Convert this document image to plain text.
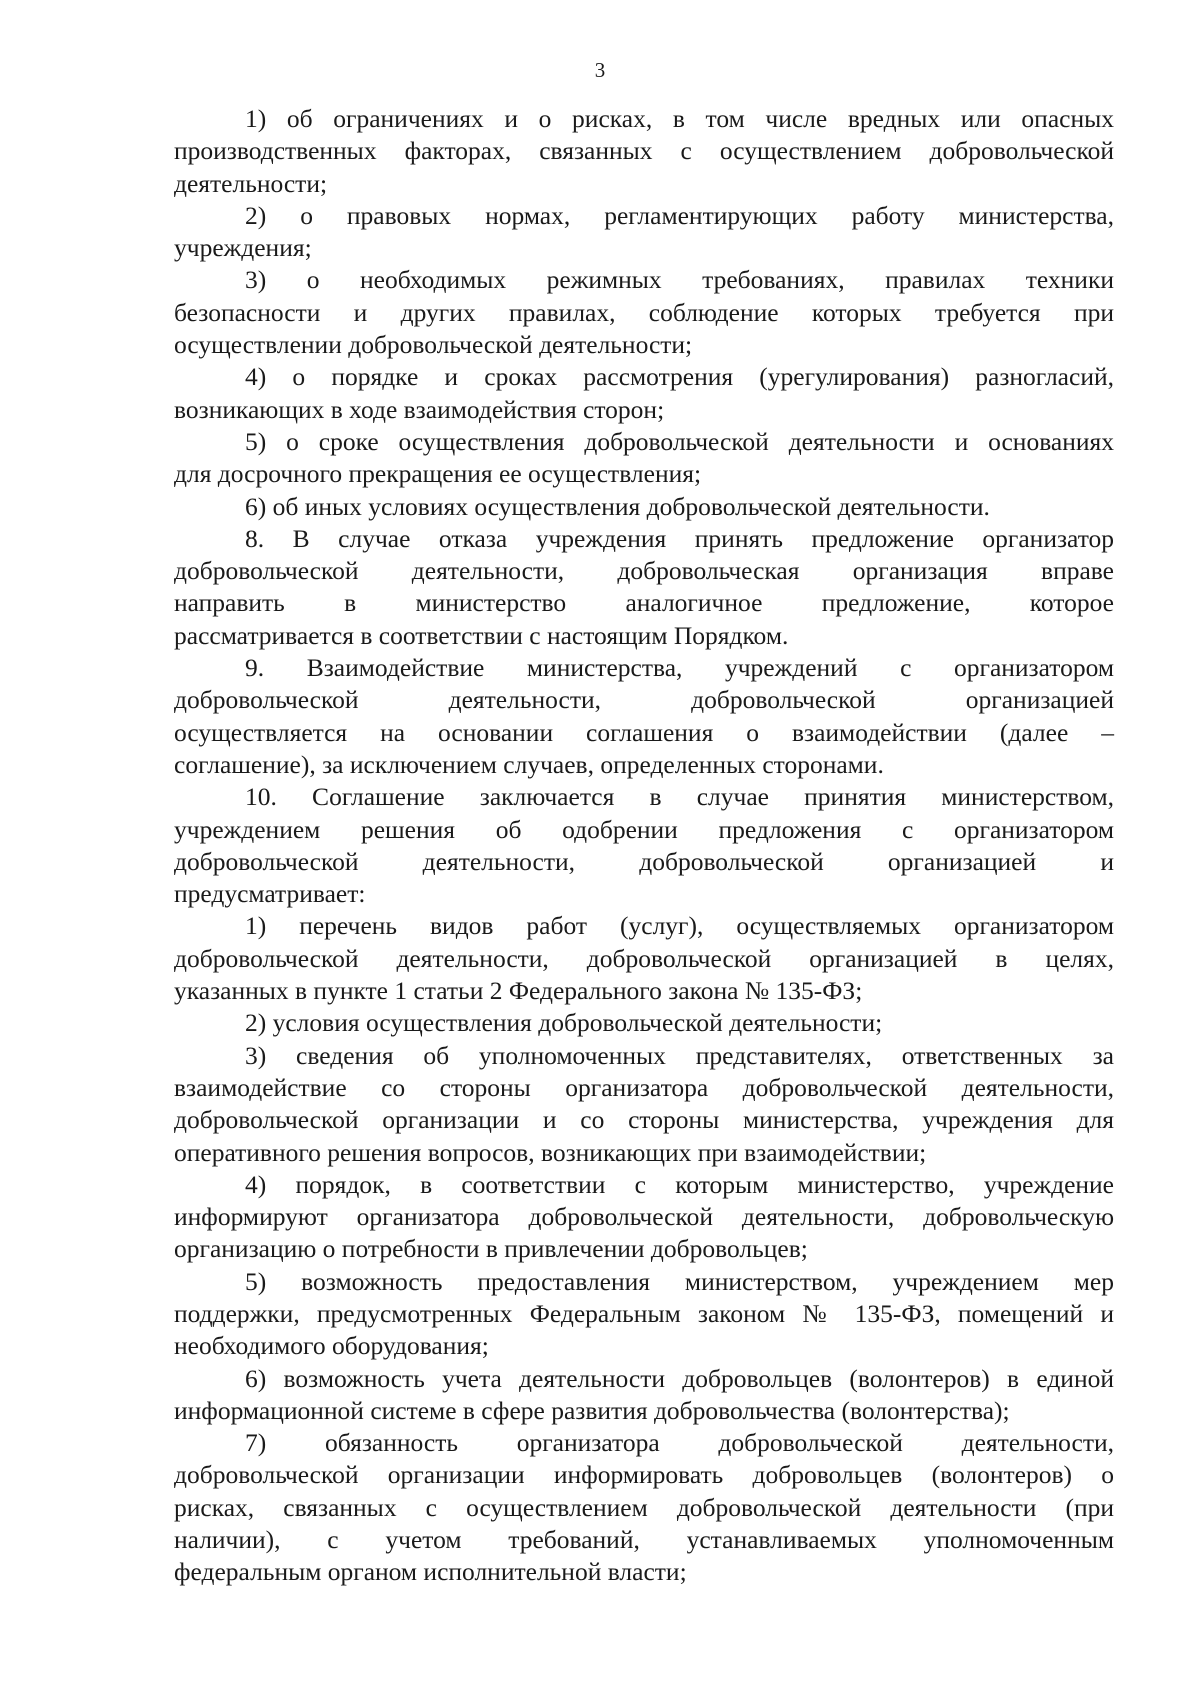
3
1) об ограничениях и о рисках, в том числе вредных или опасных
производственных факторах, связанных с осуществлением добровольческой
деятельности;
2) о правовых нормах, регламентирующих работу министерства,
учреждения;
3) о необходимых режимных требованиях, правилах техники
безопасности и других правилах, соблюдение которых требуется при
осуществлении добровольческой деятельности;
4) о порядке и сроках рассмотрения (урегулирования) разногласий,
возникающих в ходе взаимодействия сторон;
5) о сроке осуществления добровольческой деятельности и основаниях
для досрочного прекращения ее осуществления;
6) об иных условиях осуществления добровольческой деятельности.
8. В случае отказа учреждения принять предложение организатор
добровольческой деятельности, добровольческая организация вправе
направить в министерство аналогичное предложение, которое
рассматривается в соответствии с настоящим Порядком.
9. Взаимодействие министерства, учреждений с организатором
добровольческой деятельности, добровольческой организацией
осуществляется на основании соглашения о взаимодействии (далее –
соглашение), за исключением случаев, определенных сторонами.
10. Соглашение заключается в случае принятия министерством,
учреждением решения об одобрении предложения с организатором
добровольческой деятельности, добровольческой организацией и
предусматривает:
1) перечень видов работ (услуг), осуществляемых организатором
добровольческой деятельности, добровольческой организацией в целях,
указанных в пункте 1 статьи 2 Федерального закона № 135-ФЗ;
2) условия осуществления добровольческой деятельности;
3) сведения об уполномоченных представителях, ответственных за
взаимодействие со стороны организатора добровольческой деятельности,
добровольческой организации и со стороны министерства, учреждения для
оперативного решения вопросов, возникающих при взаимодействии;
4) порядок, в соответствии с которым министерство, учреждение
информируют организатора добровольческой деятельности, добровольческую
организацию о потребности в привлечении добровольцев;
5) возможность предоставления министерством, учреждением мер
поддержки, предусмотренных Федеральным законом № 135-ФЗ, помещений и
необходимого оборудования;
6) возможность учета деятельности добровольцев (волонтеров) в единой
информационной системе в сфере развития добровольчества (волонтерства);
7) обязанность организатора добровольческой деятельности,
добровольческой организации информировать добровольцев (волонтеров) о
рисках, связанных с осуществлением добровольческой деятельности (при
наличии), с учетом требований, устанавливаемых уполномоченным
федеральным органом исполнительной власти;
